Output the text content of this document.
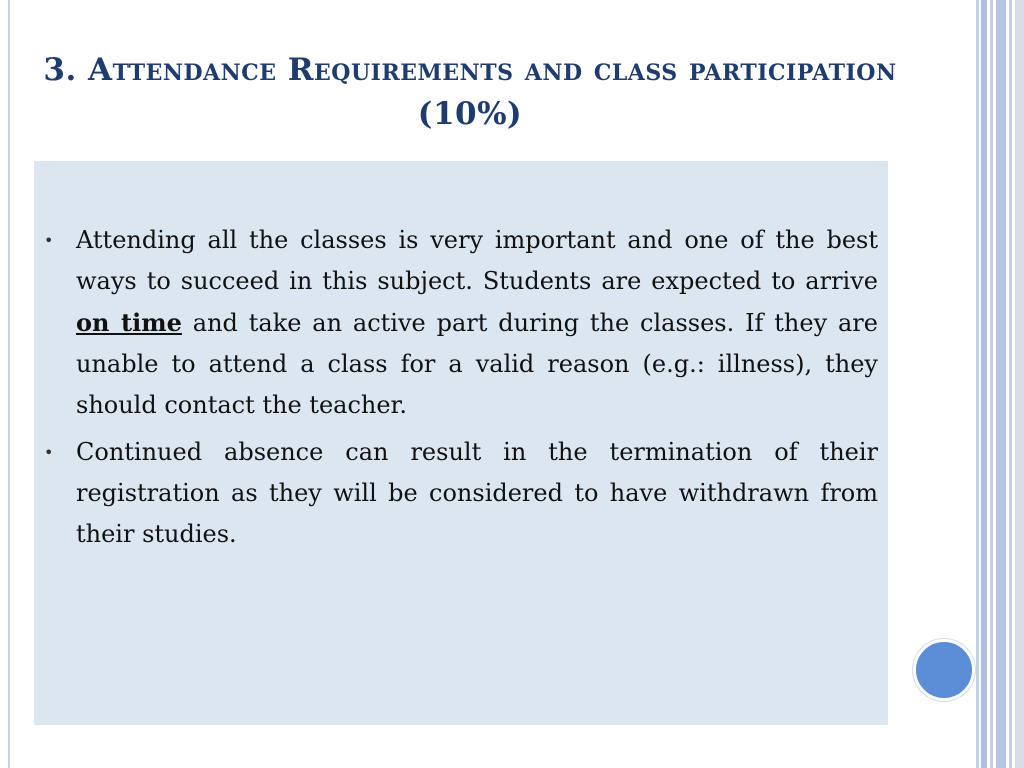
3. Attendance Requirements and class participation (10%)
• Attending all the classes is very important and one of the best ways to succeed in this subject. Students are expected to arrive on time and take an active part during the classes. If they are unable to attend a class for a valid reason (e.g.: illness), they should contact the teacher.
• Continued absence can result in the termination of their registration as they will be considered to have withdrawn from their studies.
